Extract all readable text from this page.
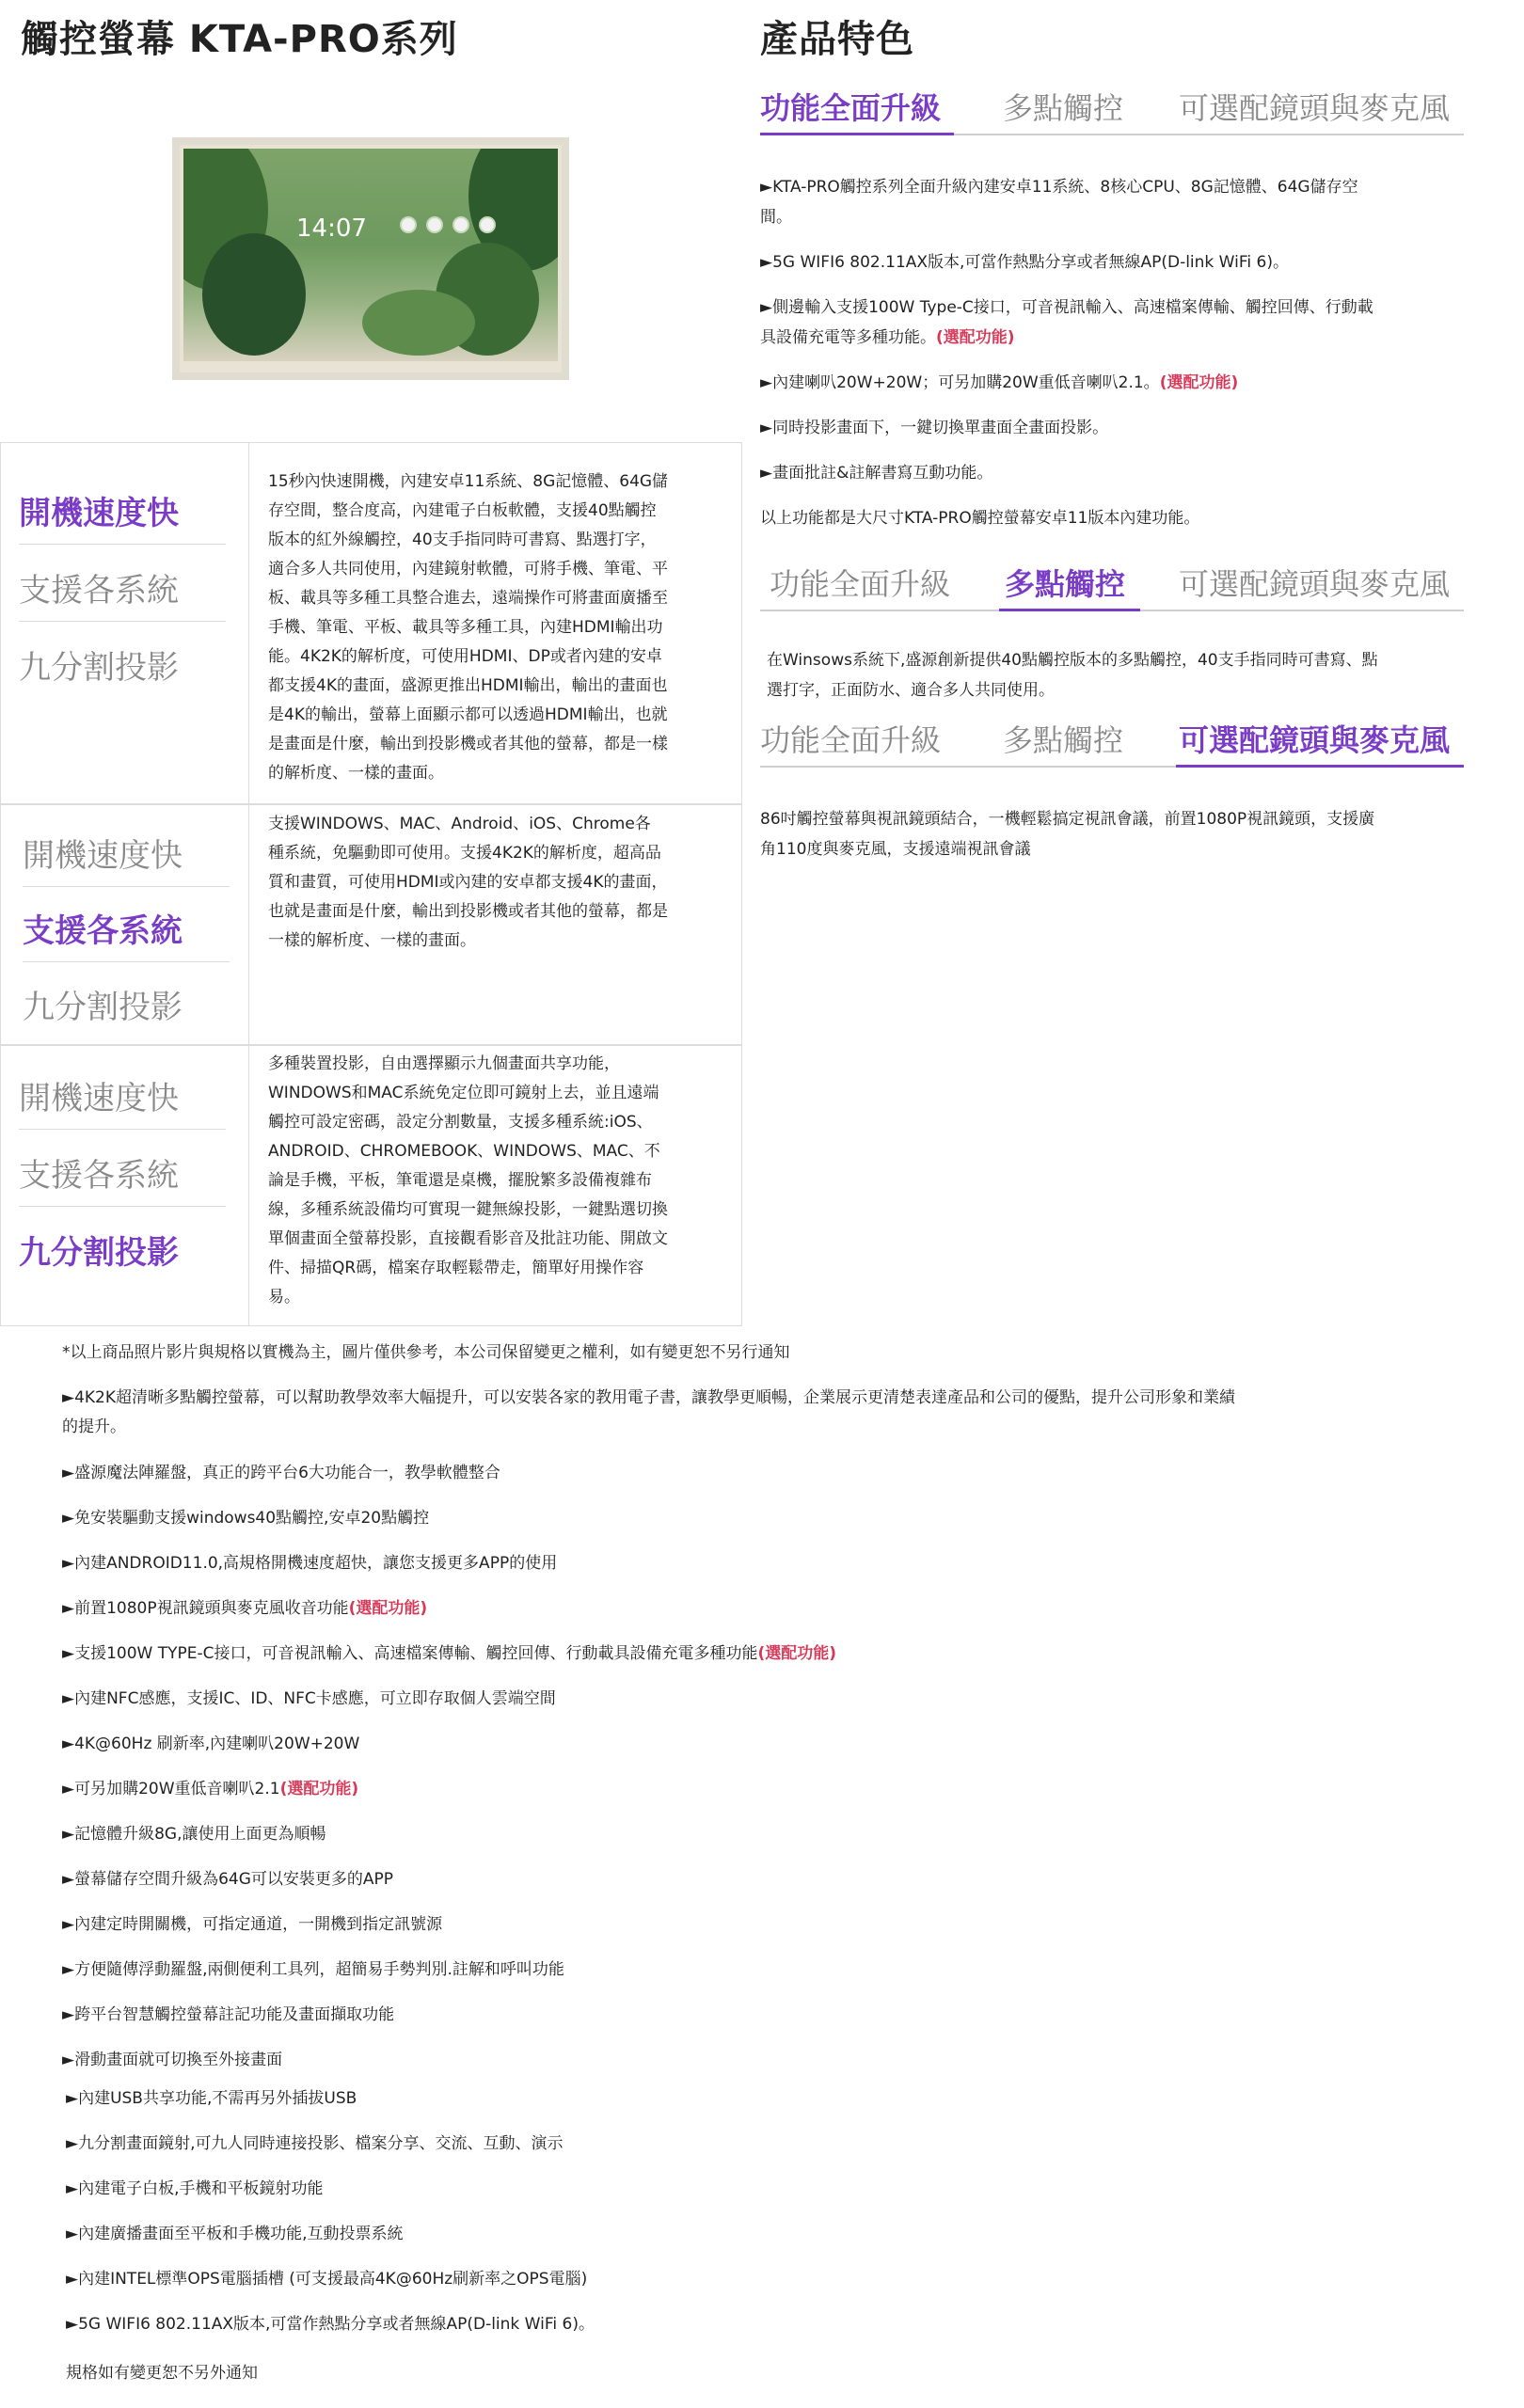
觸控螢幕 KTA-PRO系列	產品特色
14:07
功能全面升級 多點觸控 可選配鏡頭與麥克風
►KTA-PRO觸控系列全面升級內建安卓11系統、8核心CPU、8G記憶體、64G儲存空
間。
►5G WIFI6 802.11AX版本,可當作熱點分享或者無線AP(D-link WiFi 6)。
►側邊輸入支援100W Type-C接口，可音視訊輸入、高速檔案傳輸、觸控回傳、行動載
具設備充電等多種功能。(選配功能)
►內建喇叭20W+20W；可另加購20W重低音喇叭2.1。(選配功能)
►同時投影畫面下，一鍵切換單畫面全畫面投影。
►畫面批註&註解書寫互動功能。
以上功能都是大尺寸KTA-PRO觸控螢幕安卓11版本內建功能。
功能全面升級 多點觸控 可選配鏡頭與麥克風
在Winsows系統下,盛源創新提供40點觸控版本的多點觸控，40支手指同時可書寫、點
選打字，正面防水、適合多人共同使用。
功能全面升級 多點觸控 可選配鏡頭與麥克風
86吋觸控螢幕與視訊鏡頭結合，一機輕鬆搞定視訊會議，前置1080P視訊鏡頭，支援廣
角110度與麥克風，支援遠端視訊會議
開機速度快
支援各系統
九分割投影
15秒內快速開機，內建安卓11系統、8G記憶體、64G儲
存空間，整合度高，內建電子白板軟體，支援40點觸控
版本的紅外線觸控，40支手指同時可書寫、點選打字，
適合多人共同使用，內建鏡射軟體，可將手機、筆電、平
板、載具等多種工具整合進去，遠端操作可將畫面廣播至
手機、筆電、平板、載具等多種工具，內建HDMI輸出功
能。4K2K的解析度，可使用HDMI、DP或者內建的安卓
都支援4K的畫面，盛源更推出HDMI輸出，輸出的畫面也
是4K的輸出，螢幕上面顯示都可以透過HDMI輸出，也就
是畫面是什麼，輸出到投影機或者其他的螢幕，都是一樣
的解析度、一樣的畫面。
開機速度快
支援各系統
九分割投影
支援WINDOWS、MAC、Android、iOS、Chrome各
種系統，免驅動即可使用。支援4K2K的解析度，超高品
質和畫質，可使用HDMI或內建的安卓都支援4K的畫面，
也就是畫面是什麼，輸出到投影機或者其他的螢幕，都是
一樣的解析度、一樣的畫面。
開機速度快
支援各系統
九分割投影
多種裝置投影，自由選擇顯示九個畫面共享功能，
WINDOWS和MAC系統免定位即可鏡射上去，並且遠端
觸控可設定密碼，設定分割數量，支援多種系統:iOS、
ANDROID、CHROMEBOOK、WINDOWS、MAC、不
論是手機，平板，筆電還是桌機，擺脫繁多設備複雜布
線，多種系統設備均可實現一鍵無線投影，一鍵點選切換
單個畫面全螢幕投影，直接觀看影音及批註功能、開啟文
件、掃描QR碼，檔案存取輕鬆帶走，簡單好用操作容
易。
*以上商品照片影片與規格以實機為主，圖片僅供參考，本公司保留變更之權利，如有變更恕不另行通知
►4K2K超清晰多點觸控螢幕，可以幫助教學效率大幅提升，可以安裝各家的教用電子書，讓教學更順暢，企業展示更清楚表達產品和公司的優點，提升公司形象和業績
的提升。
►盛源魔法陣羅盤，真正的跨平台6大功能合一，教學軟體整合
►免安裝驅動支援windows40點觸控,安卓20點觸控
►內建ANDROID11.0,高規格開機速度超快，讓您支援更多APP的使用
►前置1080P視訊鏡頭與麥克風收音功能(選配功能)
►支援100W TYPE-C接口，可音視訊輸入、高速檔案傳輸、觸控回傳、行動載具設備充電多種功能(選配功能)
►內建NFC感應，支援IC、ID、NFC卡感應，可立即存取個人雲端空間
►4K@60Hz 刷新率,內建喇叭20W+20W
►可另加購20W重低音喇叭2.1(選配功能)
►記憶體升級8G,讓使用上面更為順暢
►螢幕儲存空間升級為64G可以安裝更多的APP
►內建定時開關機，可指定通道，一開機到指定訊號源
►方便隨傳浮動羅盤,兩側便利工具列，超簡易手勢判別.註解和呼叫功能
►跨平台智慧觸控螢幕註記功能及畫面擷取功能
►滑動畫面就可切換至外接畫面
►內建USB共享功能,不需再另外插拔USB
►九分割畫面鏡射,可九人同時連接投影、檔案分享、交流、互動、演示
►內建電子白板,手機和平板鏡射功能
►內建廣播畫面至平板和手機功能,互動投票系統
►內建INTEL標準OPS電腦插槽 (可支援最高4K@60Hz刷新率之OPS電腦)
►5G WIFI6 802.11AX版本,可當作熱點分享或者無線AP(D-link WiFi 6)。
規格如有變更恕不另外通知
